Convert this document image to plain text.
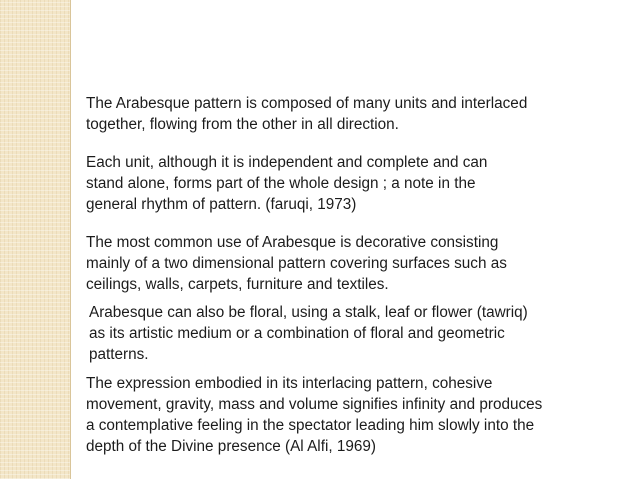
The Arabesque pattern is composed of many units and interlaced
together, flowing from the other in all direction.

Each unit, although it is independent and complete and can
stand alone, forms part of the whole design ; a note in the
general rhythm of pattern. (faruqi, 1973)

The most common use of Arabesque is decorative consisting
mainly of a two dimensional pattern covering surfaces such as
ceilings, walls, carpets, furniture and textiles.

Arabesque can also be floral, using a stalk, leaf or flower (tawriq)
as its artistic medium or a combination of floral and geometric
patterns.

The expression embodied in its interlacing pattern, cohesive
movement, gravity, mass and volume signifies infinity and produces
a contemplative feeling in the spectator leading him slowly into the
depth of the Divine presence (Al Alfi, 1969)
